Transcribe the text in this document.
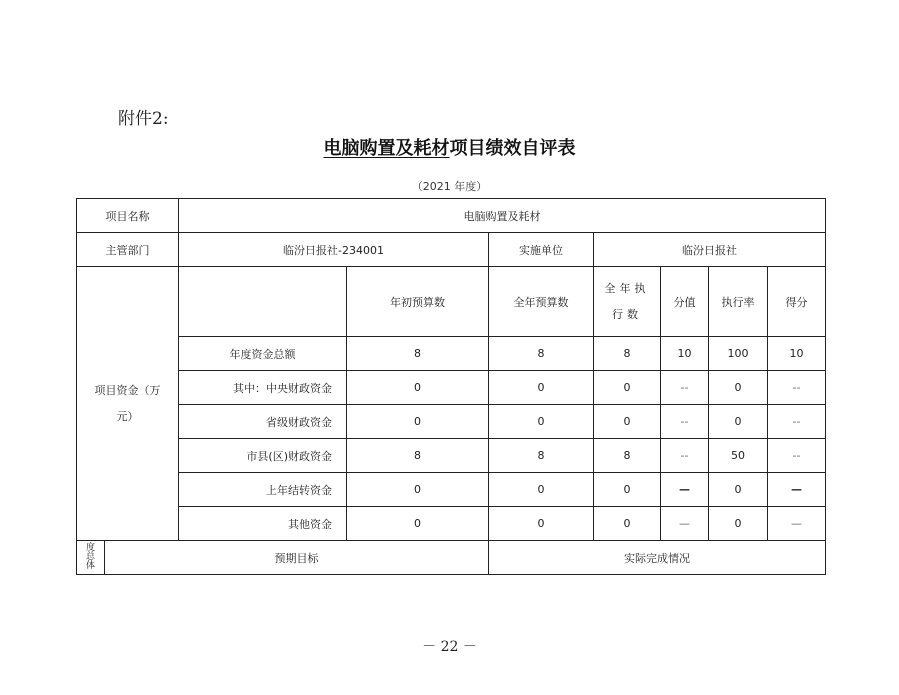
附件2:
电脑购置及耗材项目绩效自评表
（2021 年度）
项目名称		电脑购置及耗材						
主管部门		临汾日报社-234001		实施单位	临汾日报社			

项目资金（万元）			年初预算数	全年预算数	全年执行数	分值	执行率	得分
		年度资金总额	8	8	8	10	100	10
		其中：中央财政资金	0	0	0	--	0	--
		省级财政资金	0	0	0	--	0	--
		市县(区)财政资金	8	8	8	--	50	--
		上年结转资金	0	0	0	—	0	—
		其他资金	0	0	0	—	0	—

度总体	预期目标			实际完成情况				
－ 22 －
